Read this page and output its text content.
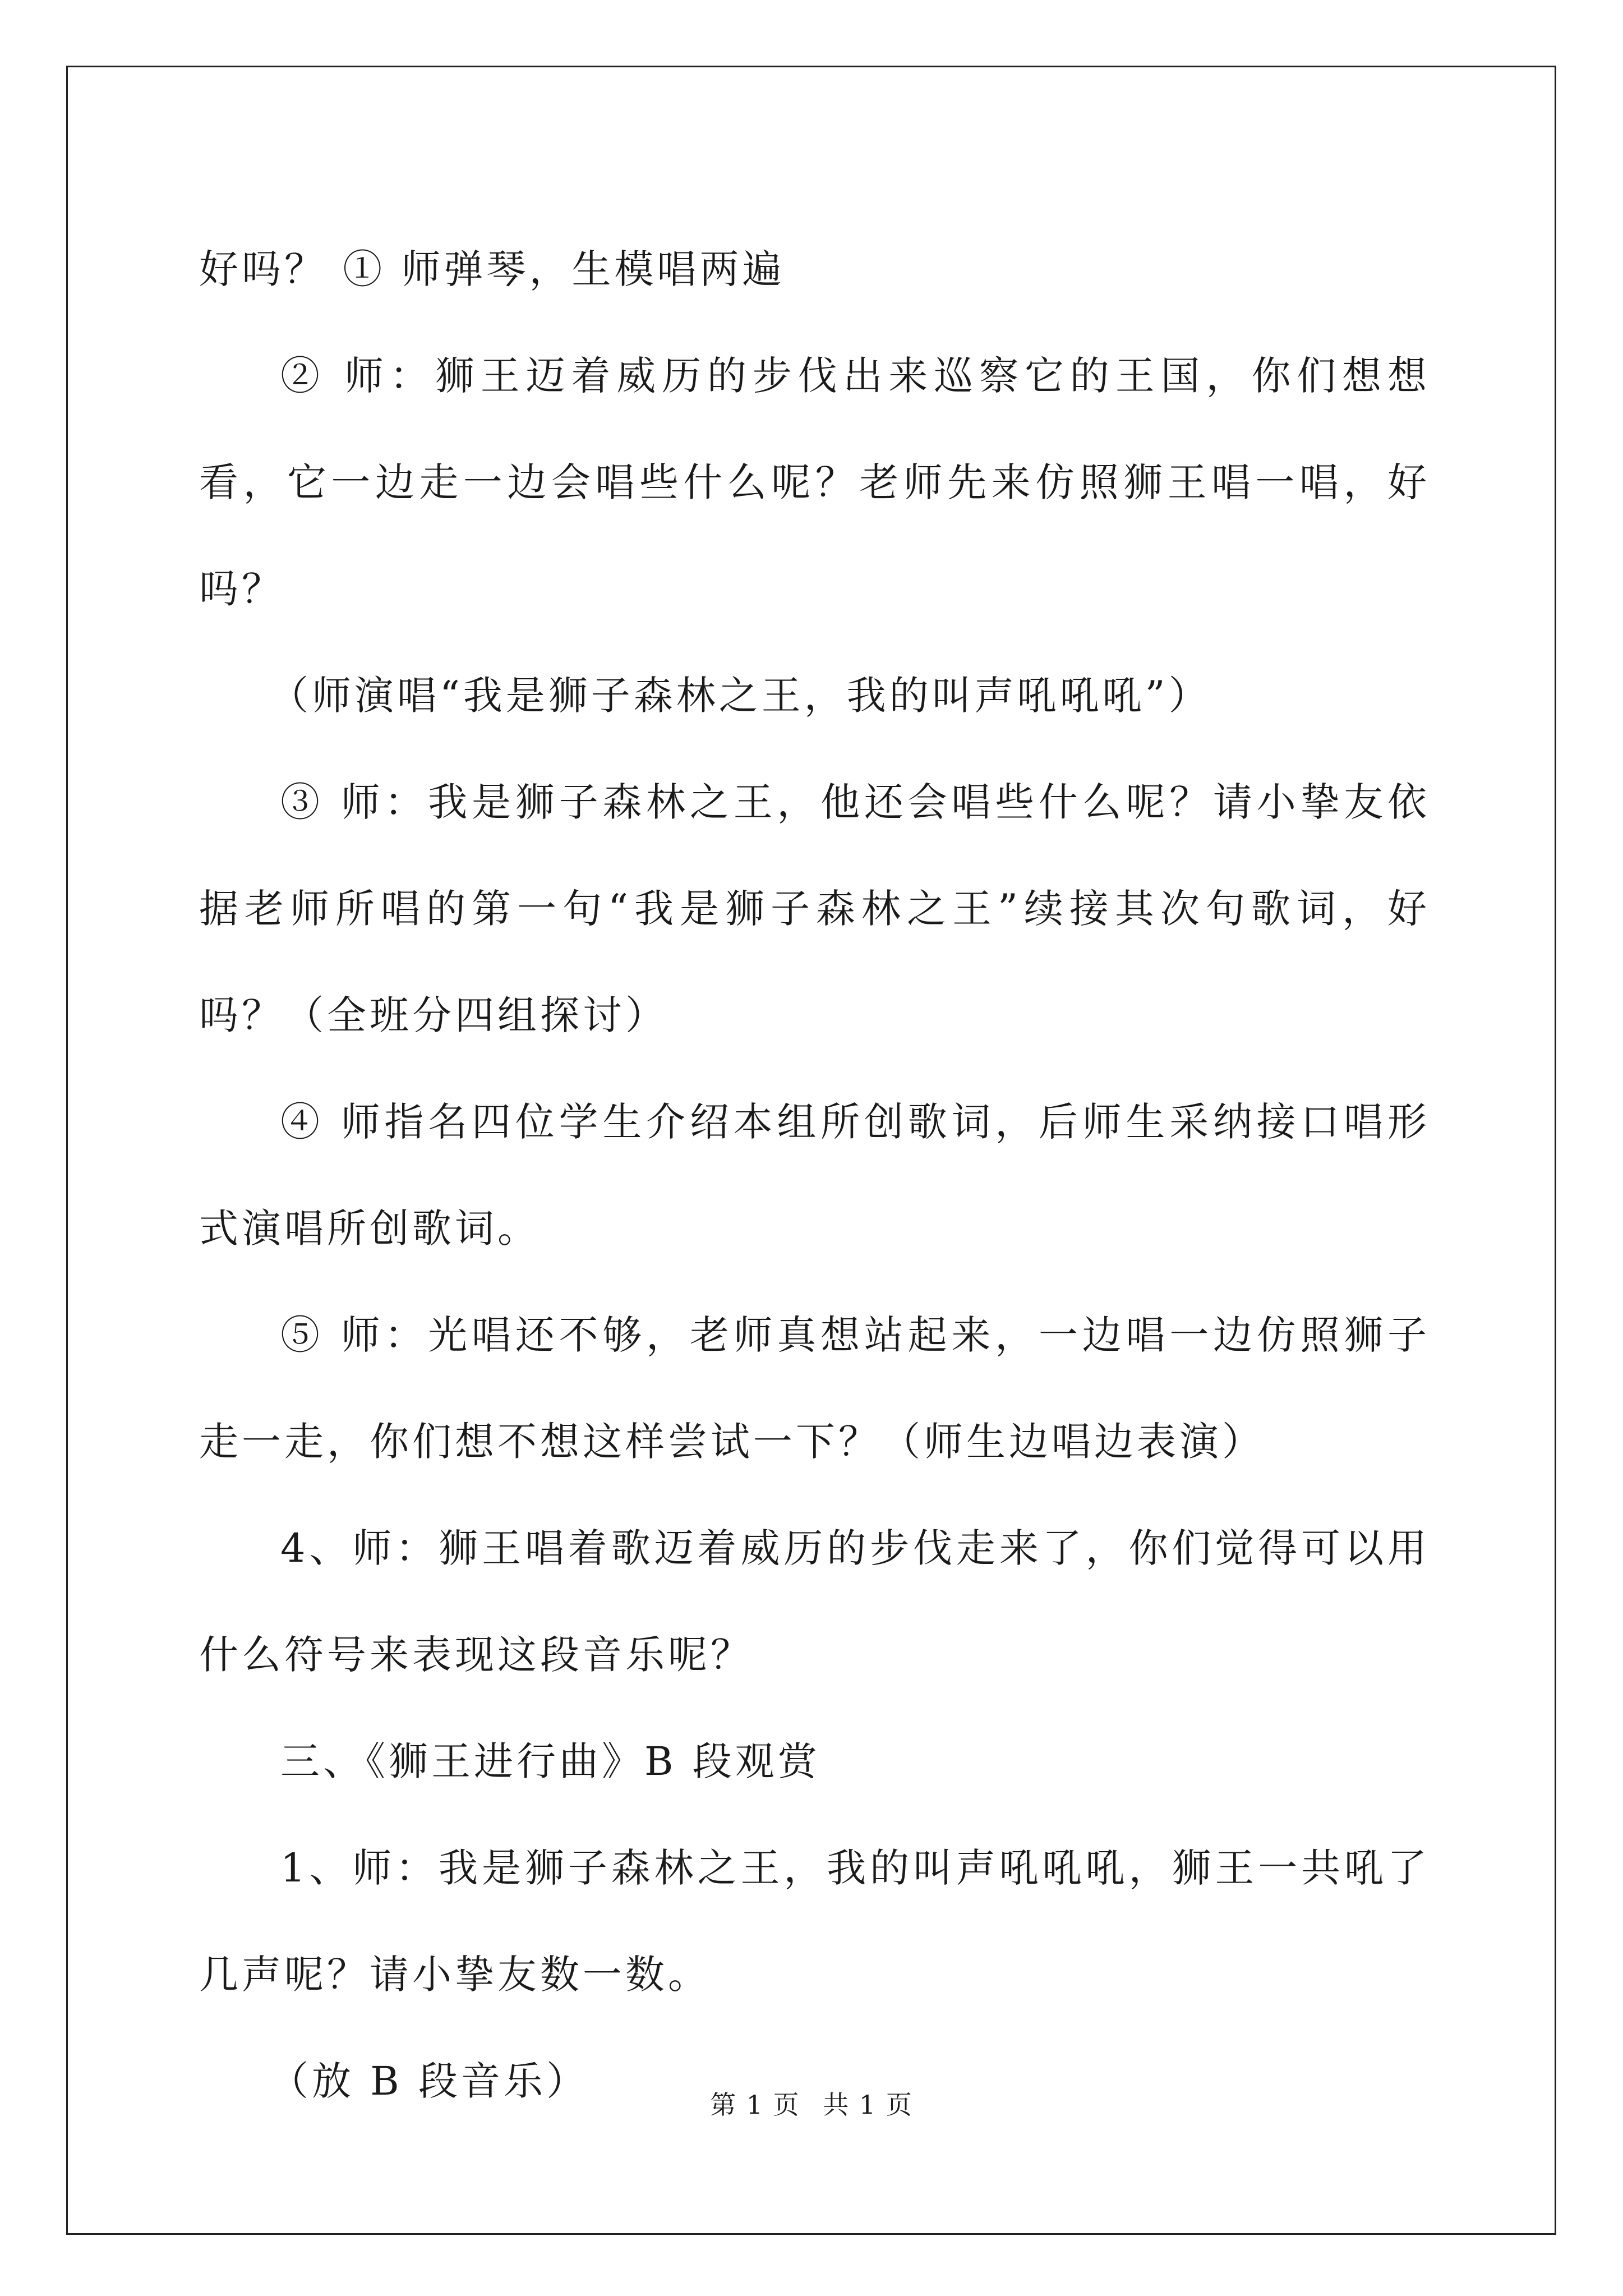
好吗？ ① 师弹琴，生模唱两遍

② 师：狮王迈着威历的步伐出来巡察它的王国，你们想想看，它一边走一边会唱些什么呢？老师先来仿照狮王唱一唱，好吗？

（师演唱“我是狮子森林之王，我的叫声吼吼吼”）

③ 师：我是狮子森林之王，他还会唱些什么呢？请小挚友依据老师所唱的第一句“我是狮子森林之王”续接其次句歌词，好吗？（全班分四组探讨）

④ 师指名四位学生介绍本组所创歌词，后师生采纳接口唱形式演唱所创歌词。

⑤ 师：光唱还不够，老师真想站起来，一边唱一边仿照狮子走一走，你们想不想这样尝试一下？（师生边唱边表演）

4、师：狮王唱着歌迈着威历的步伐走来了，你们觉得可以用什么符号来表现这段音乐呢？

三、《狮王进行曲》B 段观赏

1、师：我是狮子森林之王，我的叫声吼吼吼，狮王一共吼了几声呢？请小挚友数一数。

（放 B 段音乐）

第 1 页 共 1 页
